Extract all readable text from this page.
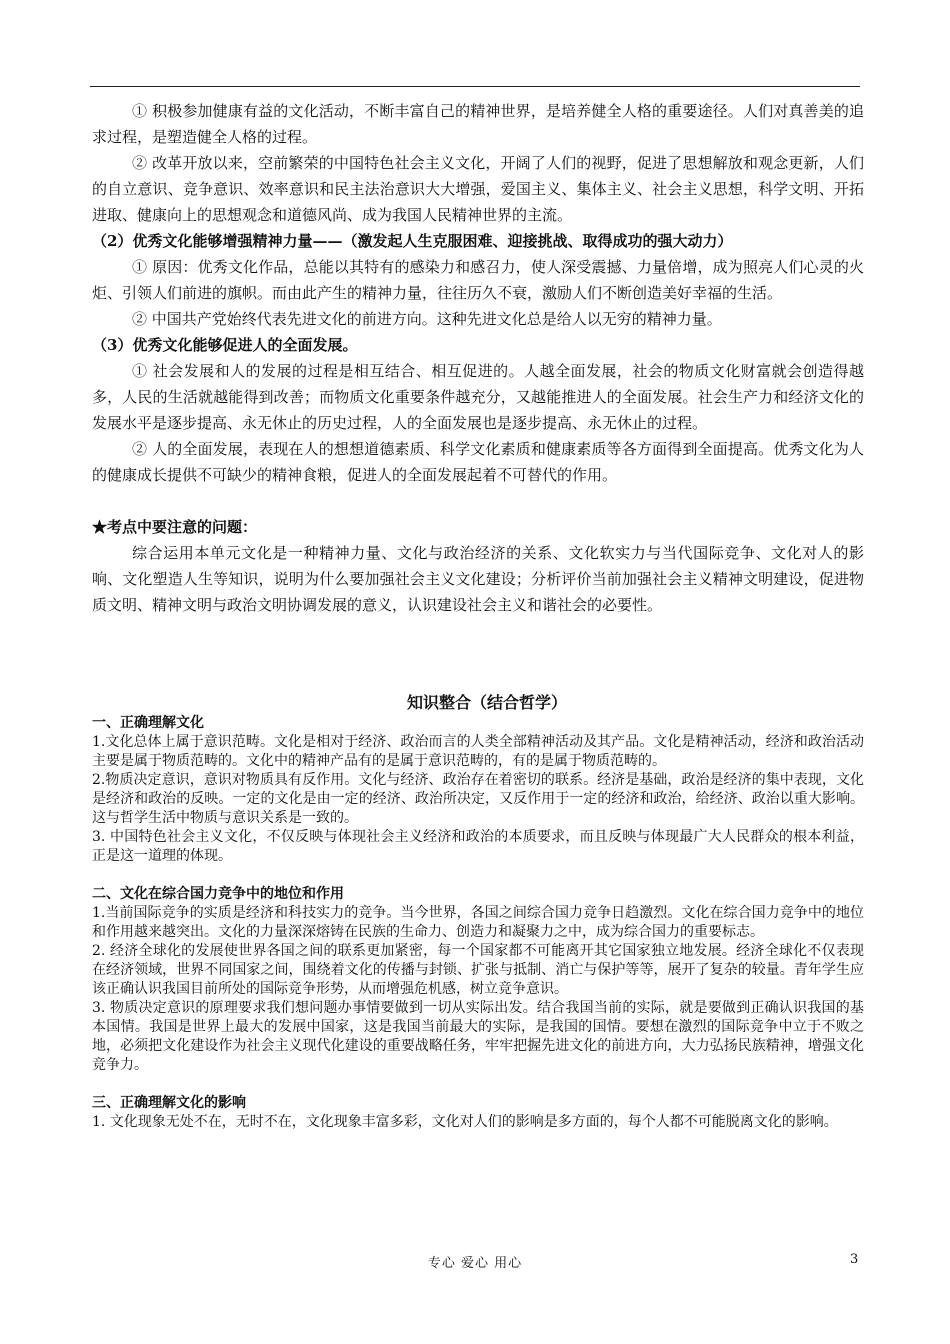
① 积极参加健康有益的文化活动，不断丰富自己的精神世界，是培养健全人格的重要途径。人们对真善美的追求过程，是塑造健全人格的过程。

② 改革开放以来，空前繁荣的中国特色社会主义文化，开阔了人们的视野，促进了思想解放和观念更新，人们的自立意识、竞争意识、效率意识和民主法治意识大大增强，爱国主义、集体主义、社会主义思想，科学文明、开拓进取、健康向上的思想观念和道德风尚、成为我国人民精神世界的主流。

（2）优秀文化能够增强精神力量——（激发起人生克服困难、迎接挑战、取得成功的强大动力）

① 原因：优秀文化作品，总能以其特有的感染力和感召力，使人深受震撼、力量倍增，成为照亮人们心灵的火炬、引领人们前进的旗帜。而由此产生的精神力量，往往历久不衰，激励人们不断创造美好幸福的生活。

② 中国共产党始终代表先进文化的前进方向。这种先进文化总是给人以无穷的精神力量。

（3）优秀文化能够促进人的全面发展。

① 社会发展和人的发展的过程是相互结合、相互促进的。人越全面发展，社会的物质文化财富就会创造得越多，人民的生活就越能得到改善；而物质文化重要条件越充分，又越能推进人的全面发展。社会生产力和经济文化的发展水平是逐步提高、永无休止的历史过程，人的全面发展也是逐步提高、永无休止的过程。

② 人的全面发展，表现在人的想想道德素质、科学文化素质和健康素质等各方面得到全面提高。优秀文化为人的健康成长提供不可缺少的精神食粮，促进人的全面发展起着不可替代的作用。

★考点中要注意的问题：

综合运用本单元文化是一种精神力量、文化与政治经济的关系、文化软实力与当代国际竞争、文化对人的影响、文化塑造人生等知识，说明为什么要加强社会主义文化建设；分析评价当前加强社会主义精神文明建设，促进物质文明、精神文明与政治文明协调发展的意义，认识建设社会主义和谐社会的必要性。

知识整合（结合哲学）

一、正确理解文化

1.文化总体上属于意识范畴。文化是相对于经济、政治而言的人类全部精神活动及其产品。文化是精神活动，经济和政治活动主要是属于物质范畴的。文化中的精神产品有的是属于意识范畴的，有的是属于物质范畴的。

2.物质决定意识，意识对物质具有反作用。文化与经济、政治存在着密切的联系。经济是基础，政治是经济的集中表现，文化是经济和政治的反映。一定的文化是由一定的经济、政治所决定，又反作用于一定的经济和政治，给经济、政治以重大影响。这与哲学生活中物质与意识关系是一致的。

3. 中国特色社会主义文化，不仅反映与体现社会主义经济和政治的本质要求，而且反映与体现最广大人民群众的根本利益，正是这一道理的体现。

二、文化在综合国力竞争中的地位和作用

1.当前国际竞争的实质是经济和科技实力的竞争。当今世界，各国之间综合国力竞争日趋激烈。文化在综合国力竞争中的地位和作用越来越突出。文化的力量深深熔铸在民族的生命力、创造力和凝聚力之中，成为综合国力的重要标志。

2. 经济全球化的发展使世界各国之间的联系更加紧密，每一个国家都不可能离开其它国家独立地发展。经济全球化不仅表现在经济领域，世界不同国家之间，围绕着文化的传播与封锁、扩张与抵制、消亡与保护等等，展开了复杂的较量。青年学生应该正确认识我国目前所处的国际竞争形势，从而增强危机感，树立竞争意识。

3. 物质决定意识的原理要求我们想问题办事情要做到一切从实际出发。结合我国当前的实际，就是要做到正确认识我国的基本国情。我国是世界上最大的发展中国家，这是我国当前最大的实际，是我国的国情。要想在激烈的国际竞争中立于不败之地，必须把文化建设作为社会主义现代化建设的重要战略任务，牢牢把握先进文化的前进方向，大力弘扬民族精神，增强文化竞争力。

三、正确理解文化的影响

1. 文化现象无处不在，无时不在，文化现象丰富多彩，文化对人们的影响是多方面的，每个人都不可能脱离文化的影响。

专心 爱心 用心	3
